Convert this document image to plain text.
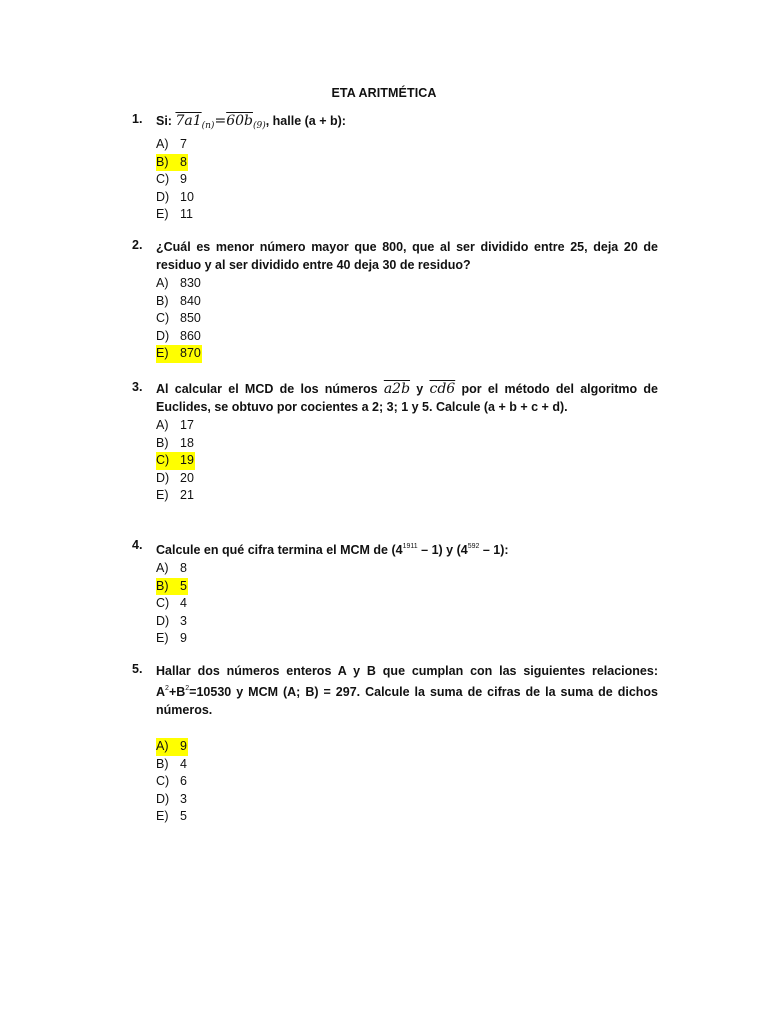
ETA ARITMÉTICA
1. Si: $7a1_{(n)}=60b_{(9)}$, halle (a + b):
A) 7
B) 8
C) 9
D) 10
E) 11
2. ¿Cuál es menor número mayor que 800, que al ser dividido entre 25, deja 20 de residuo y al ser dividido entre 40 deja 30 de residuo?
A) 830
B) 840
C) 850
D) 860
E) 870
3. Al calcular el MCD de los números a2b y cd6 por el método del algoritmo de Euclides, se obtuvo por cocientes a 2; 3; 1 y 5. Calcule (a + b + c + d).
A) 17
B) 18
C) 19
D) 20
E) 21
4. Calcule en qué cifra termina el MCM de $(4^{1911} - 1)$ y $(4^{592} - 1)$:
A) 8
B) 5
C) 4
D) 3
E) 9
5. Hallar dos números enteros A y B que cumplan con las siguientes relaciones: $A^2+B^2=10530$ y MCM (A; B) = 297. Calcule la suma de cifras de la suma de dichos números.
A) 9
B) 4
C) 6
D) 3
E) 5
